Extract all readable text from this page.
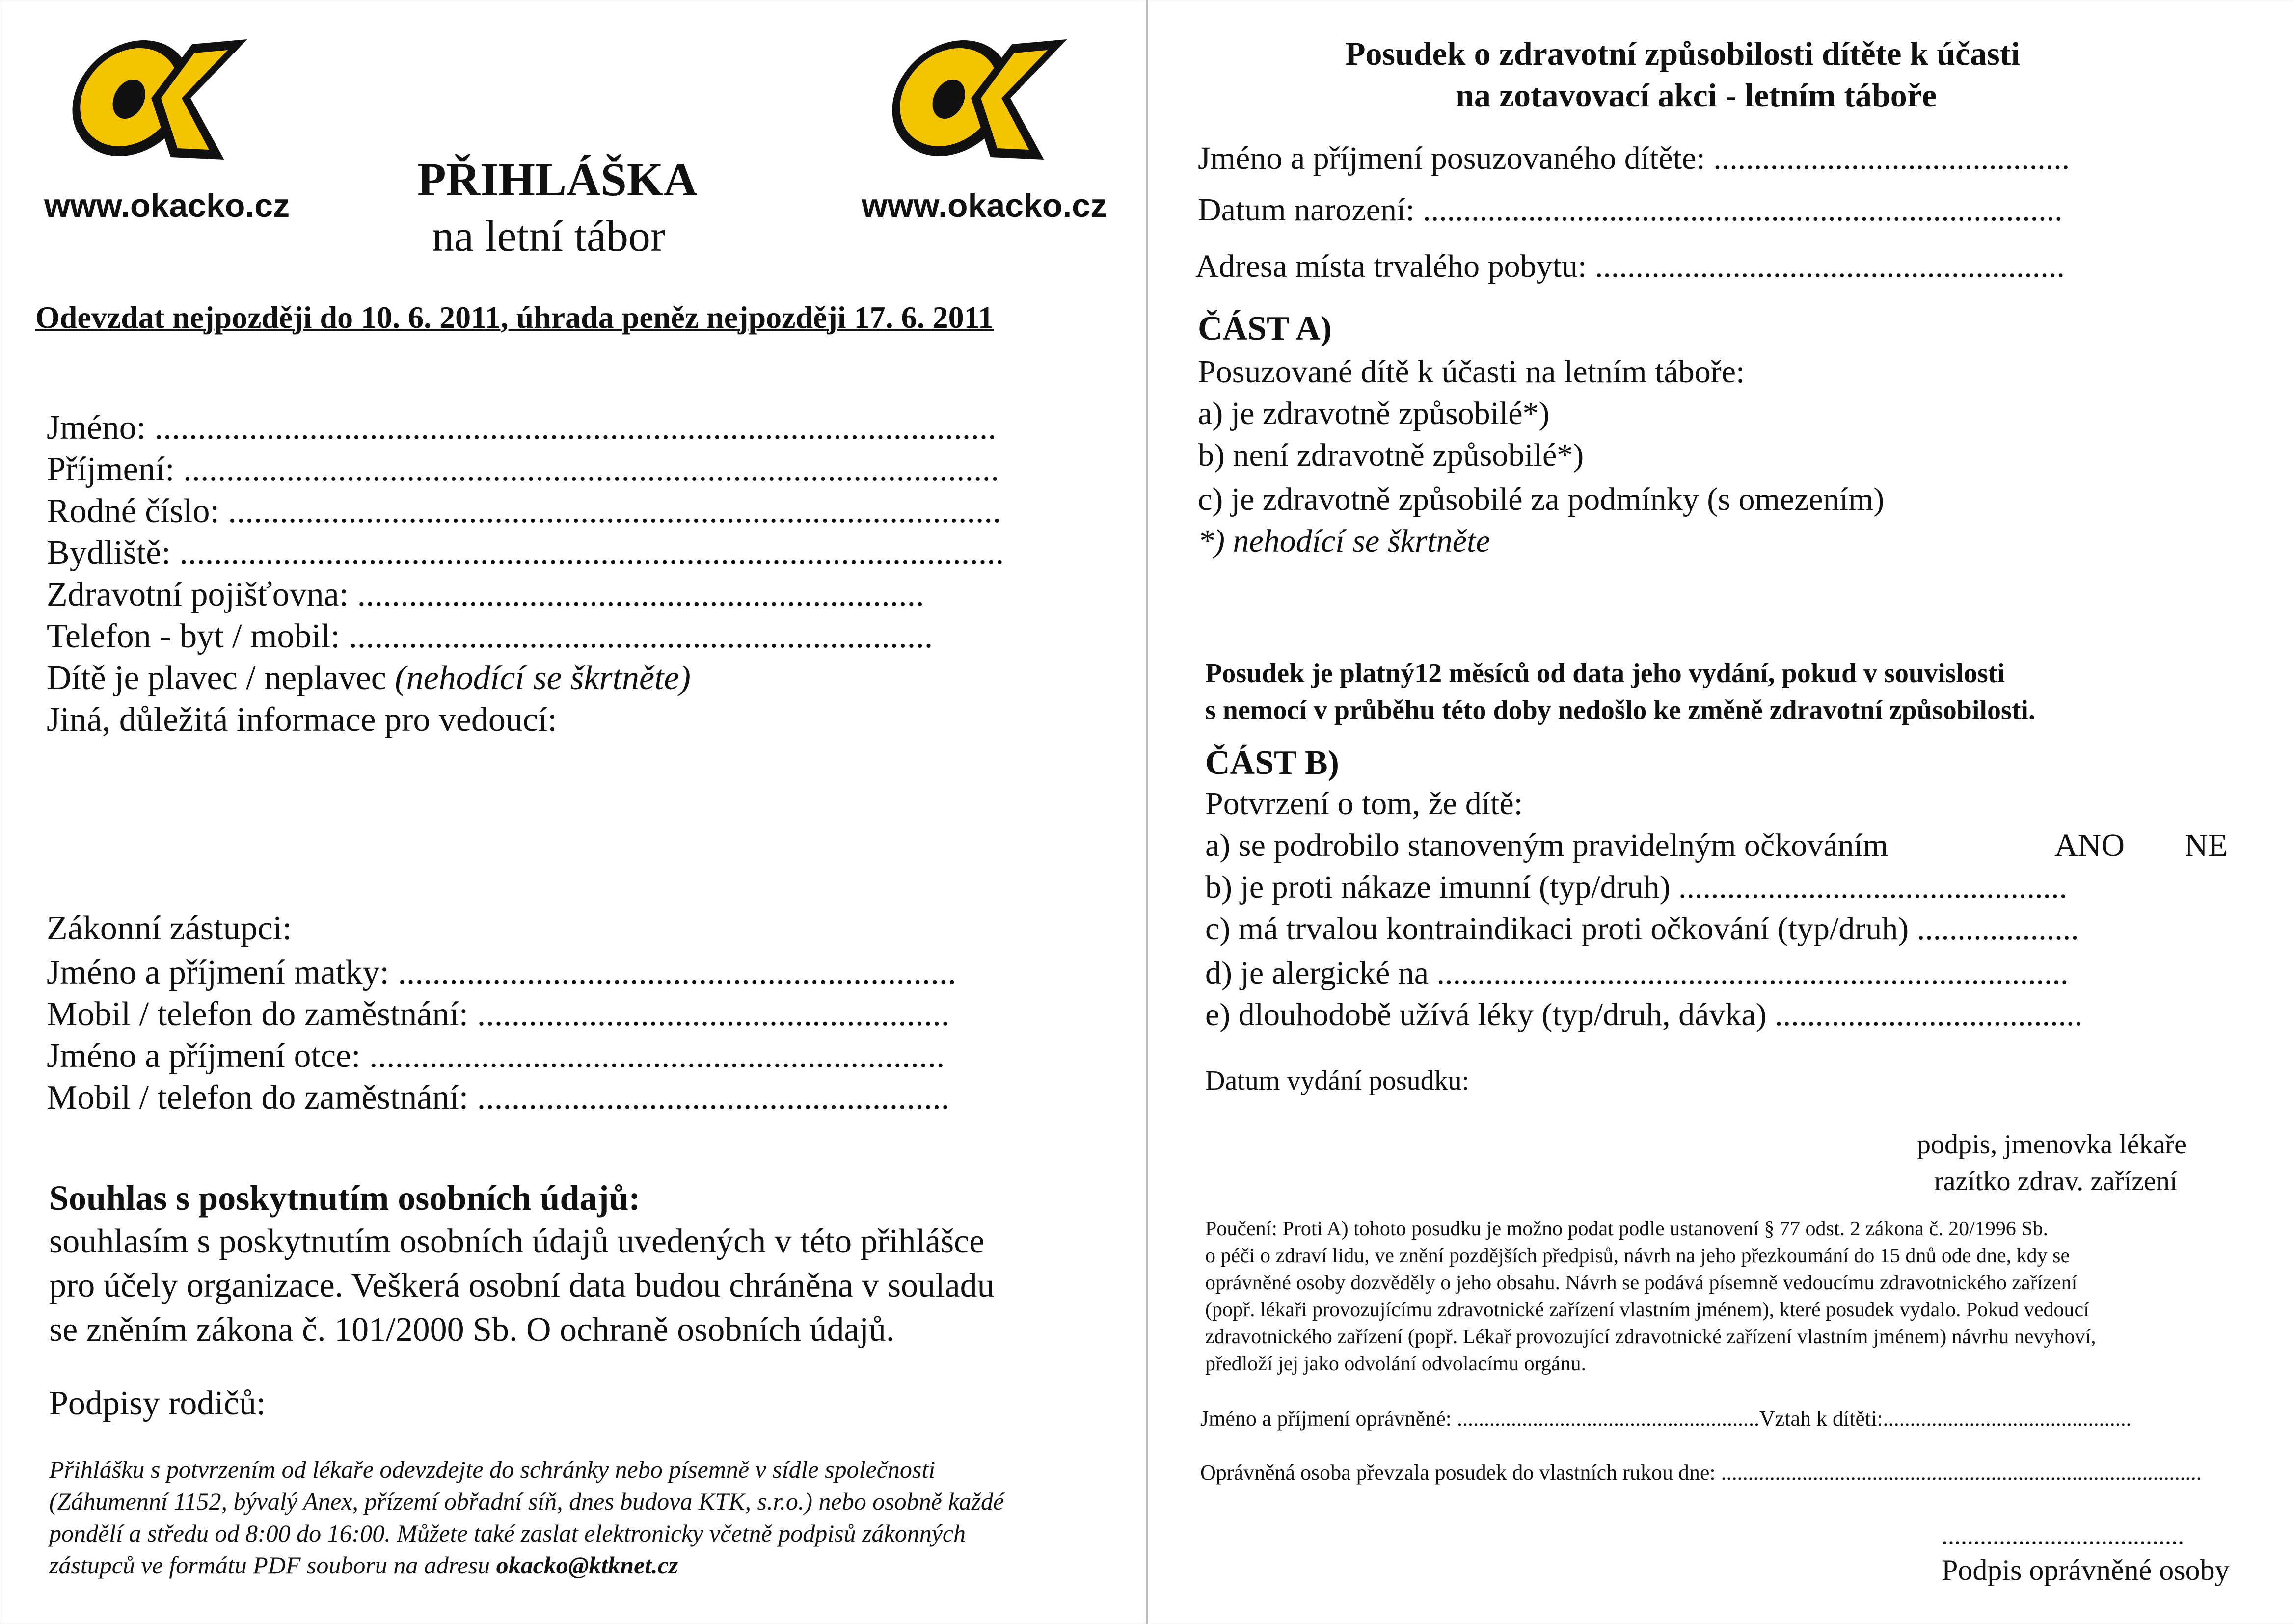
www.okacko.cz	PŘIHLÁŠKA
na letní tábor
www.okacko.cz
Odevzdat nejpozději do 10. 6. 2011, úhrada peněz nejpozději 17. 6. 2011
Jméno: ..................................................................................................
Příjmení: ...............................................................................................
Rodné číslo: ..........................................................................................
Bydliště: ................................................................................................
Zdravotní pojišťovna: ..................................................................
Telefon - byt / mobil: ....................................................................
Dítě je plavec / neplavec (nehodící se škrtněte)
Jiná, důležitá informace pro vedoucí:
Zákonní zástupci:
Jméno a příjmení matky: .................................................................
Mobil / telefon do zaměstnání: .......................................................
Jméno a příjmení otce: ...................................................................
Mobil / telefon do zaměstnání: .......................................................
Souhlas s poskytnutím osobních údajů:
souhlasím s poskytnutím osobních údajů uvedených v této přihlášce
pro účely organizace. Veškerá osobní data budou chráněna v souladu
se zněním zákona č. 101/2000 Sb. O ochraně osobních údajů.
Podpisy rodičů:
Přihlášku s potvrzením od lékaře odevzdejte do schránky nebo písemně v sídle společnosti
(Záhumenní 1152, bývalý Anex, přízemí obřadní síň, dnes budova KTK, s.r.o.) nebo osobně každé
pondělí a středu od 8:00 do 16:00. Můžete také zaslat elektronicky včetně podpisů zákonných
zástupců ve formátu PDF souboru na adresu okacko@ktknet.cz
Posudek o zdravotní způsobilosti dítěte k účasti
na zotavovací akci - letním táboře
Jméno a příjmení posuzovaného dítěte: ............................................
Datum narození: ...............................................................................
Adresa místa trvalého pobytu: ..........................................................
ČÁST A)
Posuzované dítě k účasti na letním táboře:
a) je zdravotně způsobilé*)
b) není zdravotně způsobilé*)
c) je zdravotně způsobilé za podmínky (s omezením)
*) nehodící se škrtněte
Posudek je platný12 měsíců od data jeho vydání, pokud v souvislosti
s nemocí v průběhu této doby nedošlo ke změně zdravotní způsobilosti.
ČÁST B)
Potvrzení o tom, že dítě:
a) se podrobilo stanoveným pravidelným očkováním	ANO NE
b) je proti nákaze imunní (typ/druh) ................................................
c) má trvalou kontraindikaci proti očkování (typ/druh) ....................
d) je alergické na ..............................................................................
e) dlouhodobě užívá léky (typ/druh, dávka) ......................................
Datum vydání posudku:
podpis, jmenovka lékaře
razítko zdrav. zařízení
Poučení: Proti A) tohoto posudku je možno podat podle ustanovení § 77 odst. 2 zákona č. 20/1996 Sb.
o péči o zdraví lidu, ve znění pozdějších předpisů, návrh na jeho přezkoumání do 15 dnů ode dne, kdy se
oprávněné osoby dozvěděly o jeho obsahu. Návrh se podává písemně vedoucímu zdravotnického zařízení
(popř. lékaři provozujícímu zdravotnické zařízení vlastním jménem), které posudek vydalo. Pokud vedoucí
zdravotnického zařízení (popř. Lékař provozující zdravotnické zařízení vlastním jménem) návrhu nevyhoví,
předloží jej jako odvolání odvolacímu orgánu.
Jméno a příjmení oprávněné: ........................................................Vztah k dítěti:..............................................
Oprávněná osoba převzala posudek do vlastních rukou dne: .........................................................................................
......................................
Podpis oprávněné osoby
